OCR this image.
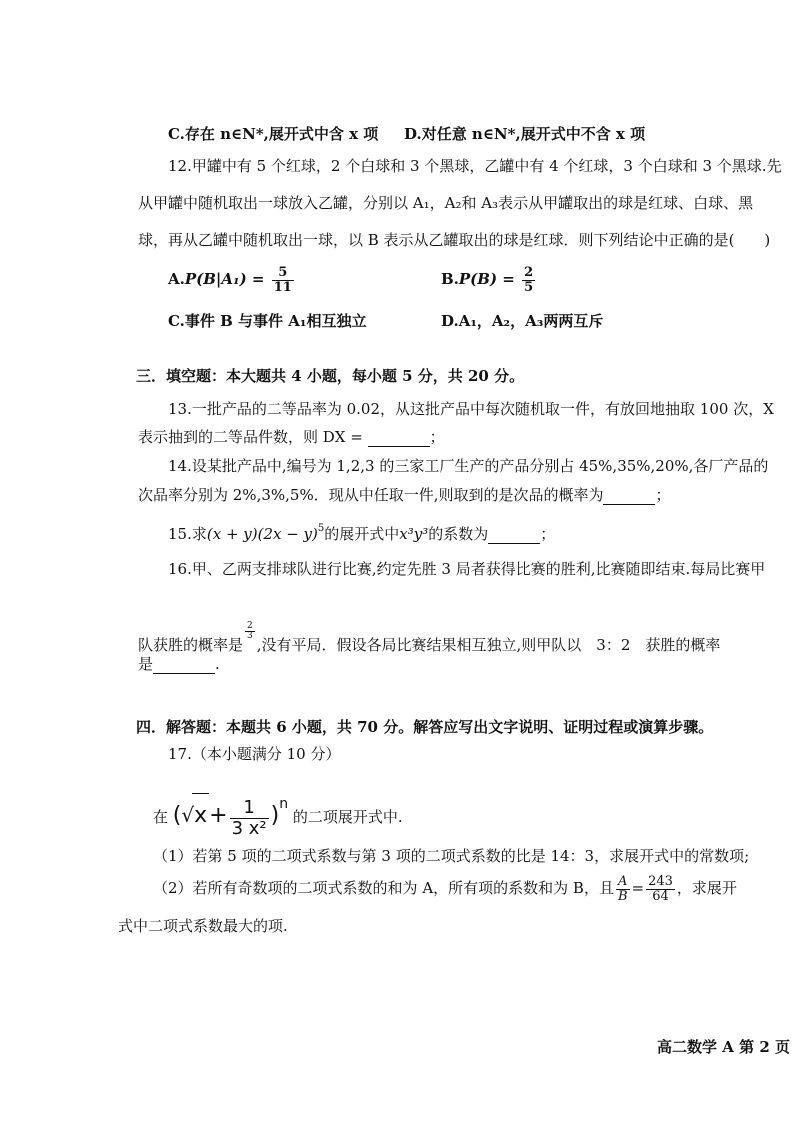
C.存在 n∈N*,展开式中含 x 项 D.对任意 n∈N*,展开式中不含 x 项
12.甲罐中有 5 个红球，2 个白球和 3 个黑球，乙罐中有 4 个红球，3 个白球和 3 个黑球.先
从甲罐中随机取出一球放入乙罐，分别以 A₁，A₂和 A₃表示从甲罐取出的球是红球、白球、黑
球，再从乙罐中随机取出一球，以 B 表示从乙罐取出的球是红球．则下列结论中正确的是(　　)
$A.P(B|A_1) = \frac{5}{11}$	$B.P(B) = \frac{2}{5}$
C.事件 B 与事件 A₁相互独立	D.A₁，A₂，A₃两两互斥
三．填空题：本大题共 4 小题，每小题 5 分，共 20 分。
13.一批产品的二等品率为 0.02，从这批产品中每次随机取一件，有放回地抽取 100 次，X
表示抽到的二等品件数，则 DX =	；
14.设某批产品中,编号为 1,2,3 的三家工厂生产的产品分别占 45%,35%,20%,各厂产品的
次品率分别为 2%,3%,5%．现从中任取一件,则取到的是次品的概率为	；
15.求$(x + y)(2x - y)^5$的展开式中x³y³的系数为	；
16.甲、乙两支排球队进行比赛,约定先胜 3 局者获得比赛的胜利,比赛随即结束.每局比赛甲
队获胜的概率是
$\frac{2}{3}$
,没有平局．假设各局比赛结果相互独立,则甲队以　3：2　获胜的概率
是	.
四．解答题：本题共 6 小题，共 70 分。解答应写出文字说明、证明过程或演算步骤。
17.（本小题满分 10 分）
在 $(√x+ \frac{1}{\text{3 x²}} )n$ 的二项展开式中.
（1）若第 5 项的二项式系数与第 3 项的二项式系数的比是 14：3，求展开式中的常数项;
（2）若所有奇数项的二项式系数的和为 A，所有项的系数和为 B，且 $\frac{A}{B} = \frac{243}{64}$ ，求展开
式中二项式系数最大的项.
高二数学 A 第 2 页
